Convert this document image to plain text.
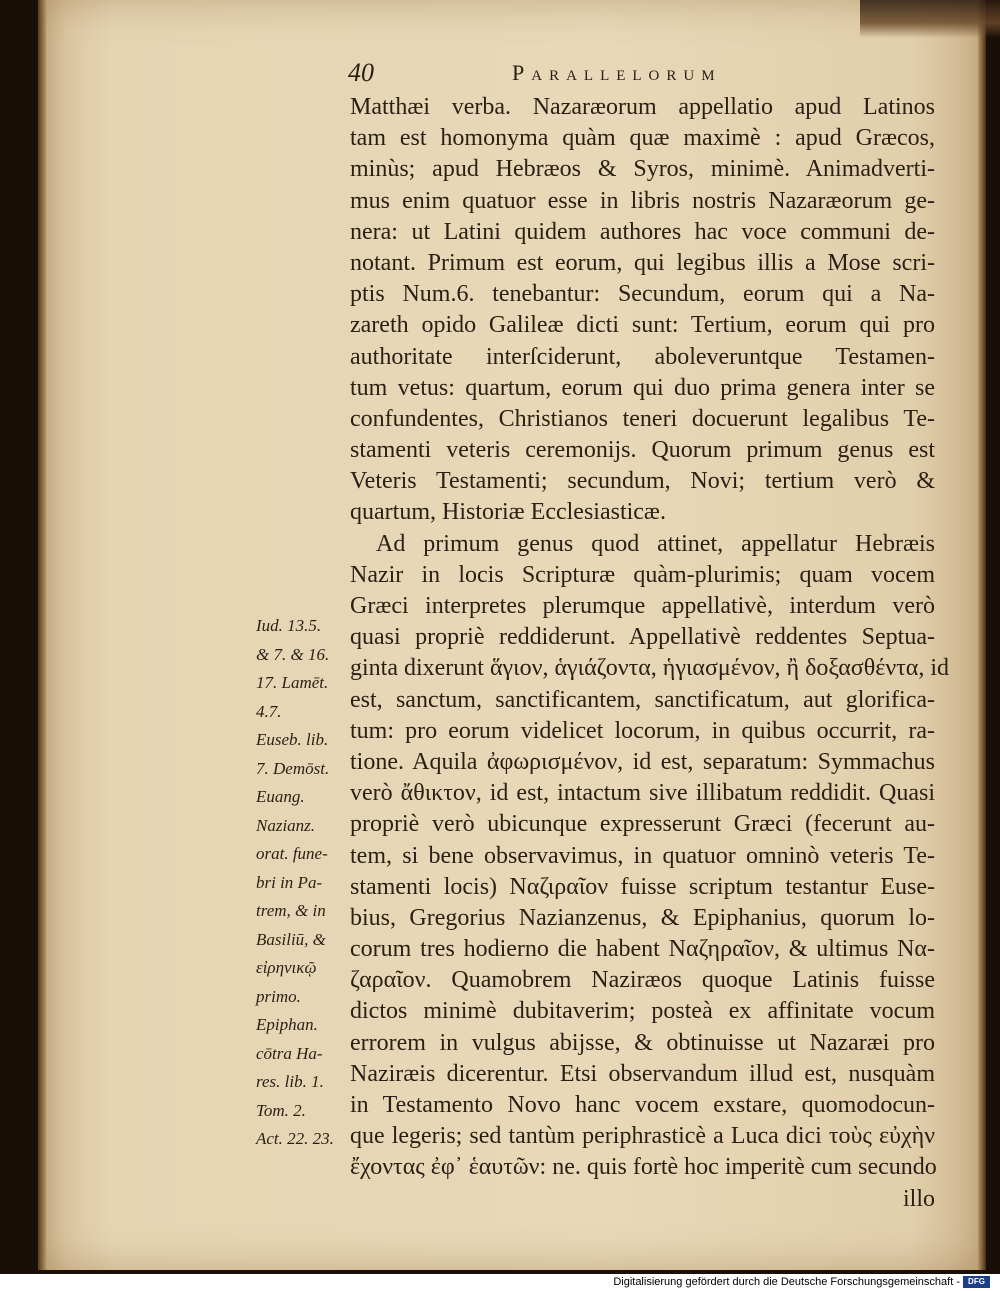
40	Parallelorum
Matthæi verba. Nazaræorum appellatio apud Latinos
tam est homonyma quàm quæ maximè : apud Græcos,
minùs; apud Hebræos & Syros, minimè. Animadverti-
mus enim quatuor esse in libris nostris Nazaræorum ge-
nera: ut Latini quidem authores hac voce communi de-
notant. Primum est eorum, qui legibus illis a Mose scri-
ptis Num.6. tenebantur: Secundum, eorum qui a Na-
zareth opido Galileæ dicti sunt: Tertium, eorum qui pro
authoritate interſciderunt, aboleveruntque Testamen-
tum vetus: quartum, eorum qui duo prima genera inter se
confundentes, Christianos teneri docuerunt legalibus Te-
stamenti veteris ceremonijs. Quorum primum genus est
Veteris Testamenti; secundum, Novi; tertium verò &
quartum, Historiæ Ecclesiasticæ.
Ad primum genus quod attinet, appellatur Hebræis
Nazir in locis Scripturæ quàm-plurimis; quam vocem
Græci interpretes plerumque appellativè, interdum verò
quasi propriè reddiderunt. Appellativè reddentes Septua-
ginta dixerunt ἅγιον, ἁγιάζοντα, ἡγιασμένον, ἢ δοξασθέντα, id
est, sanctum, sanctificantem, sanctificatum, aut glorifica-
tum: pro eorum videlicet locorum, in quibus occurrit, ra-
tione. Aquila ἀφωρισμένον, id est, separatum: Symmachus
verò ἄθικτον, id est, intactum sive illibatum reddidit. Quasi
propriè verò ubicunque expresserunt Græci (fecerunt au-
tem, si bene observavimus, in quatuor omninò veteris Te-
stamenti locis) Ναζιραῖον fuisse scriptum testantur Euse-
bius, Gregorius Nazianzenus, & Epiphanius, quorum lo-
corum tres hodierno die habent Ναζηραῖον, & ultimus Να-
ζαραῖον. Quamobrem Naziræos quoque Latinis fuisse
dictos minimè dubitaverim; posteà ex affinitate vocum
errorem in vulgus abijsse, & obtinuisse ut Nazaræi pro
Naziræis dicerentur. Etsi observandum illud est, nusquàm
in Testamento Novo hanc vocem exstare, quomodocun-
que legeris; sed tantùm periphrasticè a Luca dici τοὺς εὐχὴν
ἔχοντας ἐφ᾽ ἑαυτῶν: ne. quis fortè hoc imperitè cum secundo
illo
Iud. 13.5.
& 7. & 16.
17. Lamēt.
4.7.
Euseb. lib.
7. Demōst.
Euang.
Nazianz.
orat. fune-
bri in Pa-
trem, & in
Basiliū, &
εἰρηνικῷ
primo.
Epiphan.
cōtra Ha-
res. lib. 1.
Tom. 2.
Act. 22. 23.
Digitalisierung gefördert durch die Deutsche Forschungsgemeinschaft -	DFG
